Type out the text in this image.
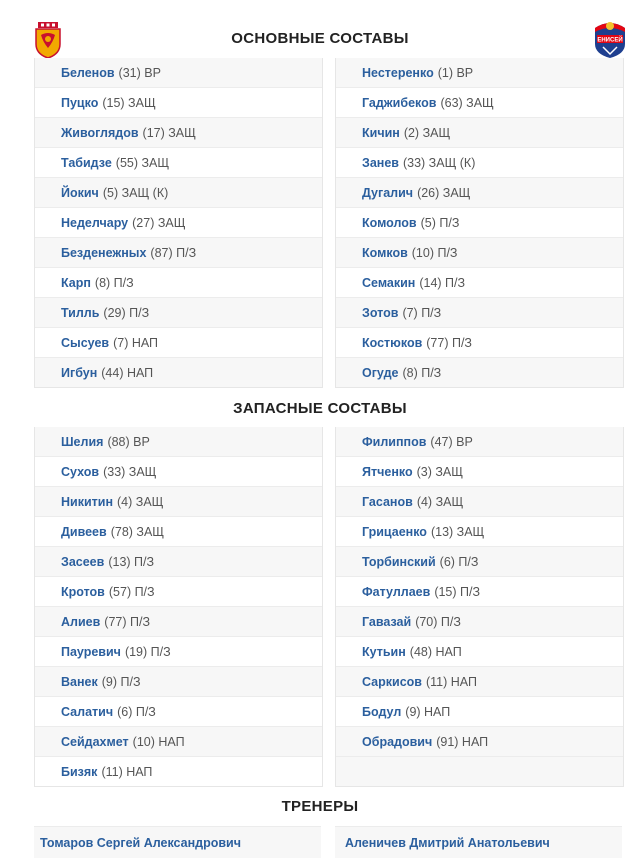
ОСНОВНЫЕ СОСТАВЫ	ЕНИСЕЙ
Беленов (31) ВР
Пуцко (15) ЗАЩ
Живоглядов (17) ЗАЩ
Табидзе (55) ЗАЩ
Йокич (5) ЗАЩ (К)
Неделчару (27) ЗАЩ
Безденежных (87) П/З
Карп (8) П/З
Тилль (29) П/З
Сысуев (7) НАП
Игбун (44) НАП
Нестеренко (1) ВР
Гаджибеков (63) ЗАЩ
Кичин (2) ЗАЩ
Занев (33) ЗАЩ (К)
Дугалич (26) ЗАЩ
Комолов (5) П/З
Комков (10) П/З
Семакин (14) П/З
Зотов (7) П/З
Костюков (77) П/З
Огуде (8) П/З
ЗАПАСНЫЕ СОСТАВЫ
Шелия (88) ВР
Сухов (33) ЗАЩ
Никитин (4) ЗАЩ
Дивеев (78) ЗАЩ
Засеев (13) П/З
Кротов (57) П/З
Алиев (77) П/З
Пауревич (19) П/З
Ванек (9) П/З
Салатич (6) П/З
Сейдахмет (10) НАП
Бизяк (11) НАП
Филиппов (47) ВР
Ятченко (3) ЗАЩ
Гасанов (4) ЗАЩ
Грицаенко (13) ЗАЩ
Торбинский (6) П/З
Фатуллаев (15) П/З
Гавазай (70) П/З
Кутьин (48) НАП
Саркисов (11) НАП
Бодул (9) НАП
Обрадович (91) НАП
ТРЕНЕРЫ
Томаров Сергей Александрович	Аленичев Дмитрий Анатольевич
